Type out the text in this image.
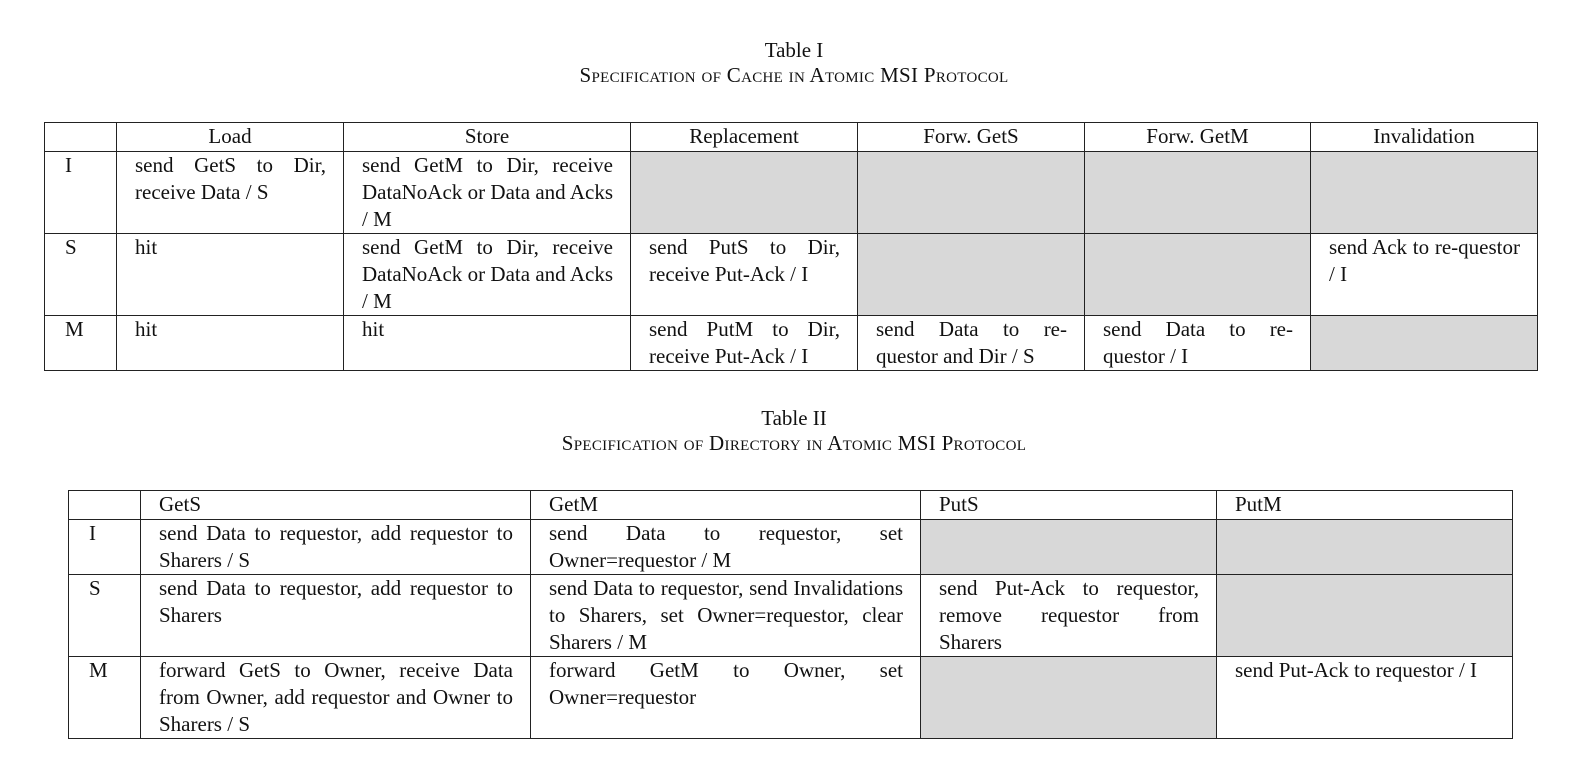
Table I
Specification of Cache in Atomic MSI Protocol
	Load	Store	Replacement	Forw. GetS	Forw. GetM	Invalidation
I	send GetS to Dir, receive Data / S	send GetM to Dir, receive DataNoAck or Data and Acks / M				
S	hit	send GetM to Dir, receive DataNoAck or Data and Acks / M	send PutS to Dir, receive Put-Ack / I			send Ack to re-questor / I
M	hit	hit	send PutM to Dir, receive Put-Ack / I	send Data to re-questor and Dir / S	send Data to re-questor / I	
Table II
Specification of Directory in Atomic MSI Protocol
	GetS	GetM	PutS	PutM
I	send Data to requestor, add requestor to Sharers / S	send Data to requestor, set Owner=requestor / M		
S	send Data to requestor, add requestor to Sharers	send Data to requestor, send Invalidations to Sharers, set Owner=requestor, clear Sharers / M	send Put-Ack to requestor, remove requestor from Sharers	
M	forward GetS to Owner, receive Data from Owner, add requestor and Owner to Sharers / S	forward GetM to Owner, set Owner=requestor		send Put-Ack to requestor / I
